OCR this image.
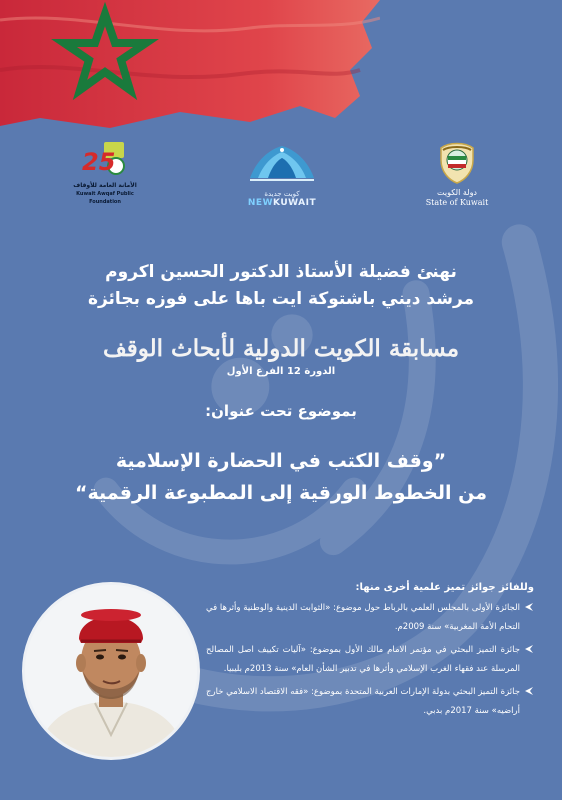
دولة الكويت
State of Kuwait
كويت جديدة
NEWKUWAIT
25
الأمانة العامة للأوقاف
Kuwait Awqaf Public Foundation
نهنئ فضيلة الأستاذ الدكتور الحسين اكروم
مرشد ديني باشتوكة ايت باها على فوزه بجائزة
مسابقة الكويت الدولية لأبحاث الوقف
الدورة 12 الفرع الأول
بموضوع تحت عنوان:
”وقف الكتب في الحضارة الإسلامية
من الخطوط الورقية إلى المطبوعة الرقمية“
وللفائز جوائز تميز علمية أخرى منها:
الجائزة الأولى بالمجلس العلمي بالرباط حول موضوع: «الثوابت الدينية والوطنية وأثرها في التحام الأمة المغربية» سنة 2009م.
جائزة التميز البحثي في مؤتمر الامام مالك الأول بموضوع: «آليات تكييف اصل المصالح المرسلة عند فقهاء الغرب الإسلامي وأثرها في تدبير الشأن العام» سنة 2013م بليبيا.
جائزة التميز البحثي بدولة الإمارات العربية المتحدة بموضوع: «فقه الاقتصاد الاسلامي خارج أراضيه» سنة 2017م بدبي.
